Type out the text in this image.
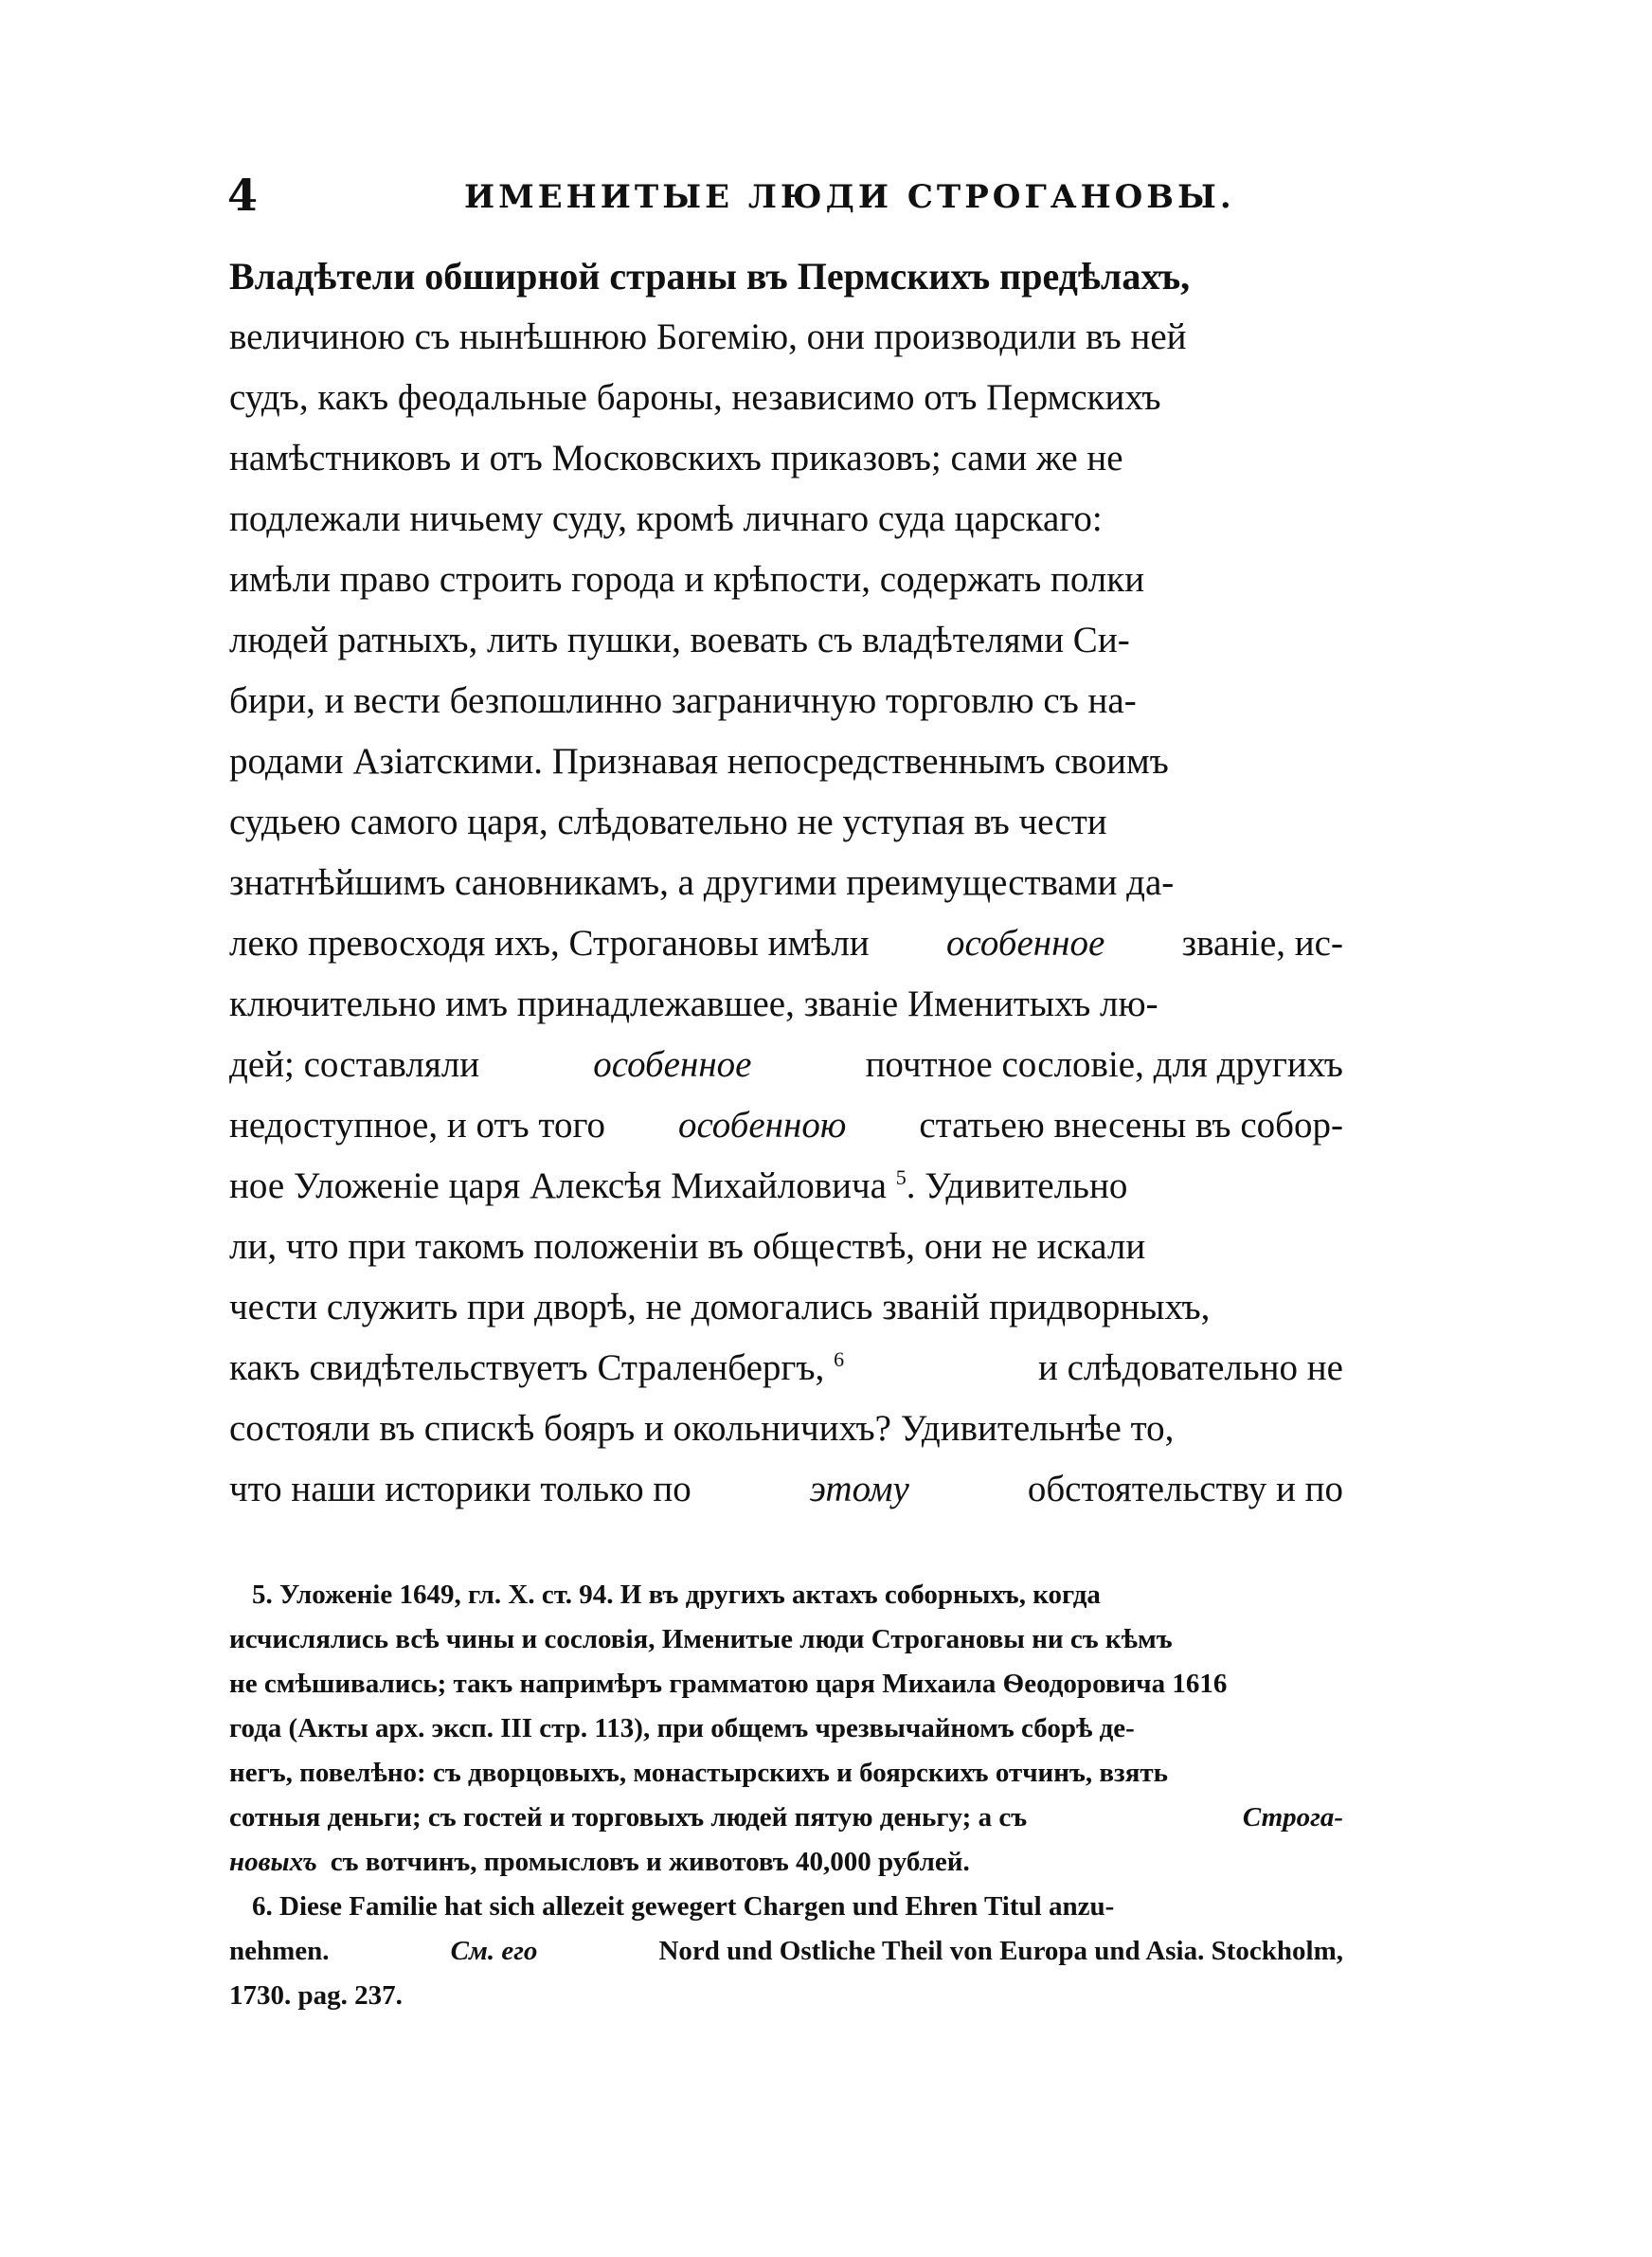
4	ИМЕНИТЫЕ ЛЮДИ СТРОГАНОВЫ.
Владѣтели обширной страны въ Пермскихъ предѣлахъ,
величиною съ нынѣшнюю Богемію, они производили въ ней
судъ, какъ феодальные бароны, независимо отъ Пермскихъ
намѣстниковъ и отъ Московскихъ приказовъ; сами же не
подлежали ничьему суду, кромѣ личнаго суда царскаго:
имѣли право строить города и крѣпости, содержать полки
людей ратныхъ, лить пушки, воевать съ владѣтелями Си-
бири, и вести безпошлинно заграничную торговлю съ на-
родами Азіатскими. Признавая непосредственнымъ своимъ
судьею самого царя, слѣдовательно не уступая въ чести
знатнѣйшимъ сановникамъ, а другими преимуществами да-
леко превосходя ихъ, Строгановы имѣли особенное званіе, ис-
ключительно имъ принадлежавшее, званіе Именитыхъ лю-
дей; составляли	особенное	почтное сословіе, для другихъ
недоступное, и отъ того особенною статьею внесены въ собор-
ное Уложеніе царя Алексѣя Михайловича $^5$. Удивительно
ли, что при такомъ положеніи въ обществѣ, они не искали
чести служить при дворѣ, не домогались званій придворныхъ,
какъ свидѣтельствуетъ Страленбергъ, $^6$	и слѣдовательно не
состояли въ спискѣ бояръ и окольничихъ? Удивительнѣе то,
что наши историки только по	этому	обстоятельству и по
5. Уложеніе 1649, гл. X. ст. 94. И въ другихъ актахъ соборныхъ, когда
исчислялись всѣ чины и сословія, Именитые люди Строгановы ни съ кѣмъ
не смѣшивались; такъ напримѣръ грамматою царя Михаила Ѳеодоровича 1616
года (Акты арх. эксп. III стр. 113), при общемъ чрезвычайномъ сборѣ де-
негъ, повелѣно: съ дворцовыхъ, монастырскихъ и боярскихъ отчинъ, взять
сотныя деньги; съ гостей и торговыхъ людей пятую деньгу; а съ	Строга-
новыхъ съ вотчинъ, промысловъ и животовъ 40,000 рублей.
6. Diese Familie hat sich allezeit gewegert Chargen und Ehren Titul anzu-
nehmen.	См. его	Nord und Ostliche Theil von Europa und Asia. Stockholm,
1730. pag. 237.
